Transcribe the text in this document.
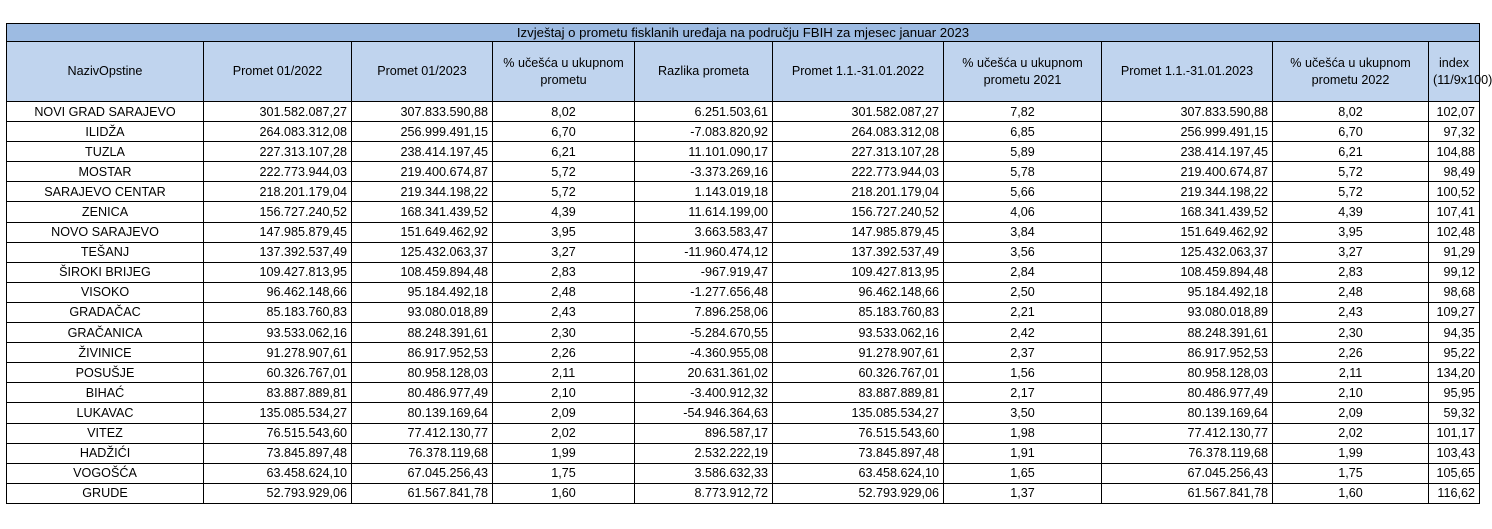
Izvještaj o prometu fisklanih uređaja na području FBIH za mjesec januar 2023									
NazivOpstine	Promet 01/2022	Promet 01/2023	% učešća u ukupnom prometu	Razlika prometa	Promet 1.1.-31.01.2022	% učešća u ukupnom prometu 2021	Promet 1.1.-31.01.2023	% učešća u ukupnom prometu 2022	index (11/9x100)
NOVI GRAD SARAJEVO	301.582.087,27	307.833.590,88	8,02	6.251.503,61	301.582.087,27	7,82	307.833.590,88	8,02	102,07
ILIDŽA	264.083.312,08	256.999.491,15	6,70	-7.083.820,92	264.083.312,08	6,85	256.999.491,15	6,70	97,32
TUZLA	227.313.107,28	238.414.197,45	6,21	11.101.090,17	227.313.107,28	5,89	238.414.197,45	6,21	104,88
MOSTAR	222.773.944,03	219.400.674,87	5,72	-3.373.269,16	222.773.944,03	5,78	219.400.674,87	5,72	98,49
SARAJEVO CENTAR	218.201.179,04	219.344.198,22	5,72	1.143.019,18	218.201.179,04	5,66	219.344.198,22	5,72	100,52
ZENICA	156.727.240,52	168.341.439,52	4,39	11.614.199,00	156.727.240,52	4,06	168.341.439,52	4,39	107,41
NOVO SARAJEVO	147.985.879,45	151.649.462,92	3,95	3.663.583,47	147.985.879,45	3,84	151.649.462,92	3,95	102,48
TEŠANJ	137.392.537,49	125.432.063,37	3,27	-11.960.474,12	137.392.537,49	3,56	125.432.063,37	3,27	91,29
ŠIROKI BRIJEG	109.427.813,95	108.459.894,48	2,83	-967.919,47	109.427.813,95	2,84	108.459.894,48	2,83	99,12
VISOKO	96.462.148,66	95.184.492,18	2,48	-1.277.656,48	96.462.148,66	2,50	95.184.492,18	2,48	98,68
GRADAČAC	85.183.760,83	93.080.018,89	2,43	7.896.258,06	85.183.760,83	2,21	93.080.018,89	2,43	109,27
GRAČANICA	93.533.062,16	88.248.391,61	2,30	-5.284.670,55	93.533.062,16	2,42	88.248.391,61	2,30	94,35
ŽIVINICE	91.278.907,61	86.917.952,53	2,26	-4.360.955,08	91.278.907,61	2,37	86.917.952,53	2,26	95,22
POSUŠJE	60.326.767,01	80.958.128,03	2,11	20.631.361,02	60.326.767,01	1,56	80.958.128,03	2,11	134,20
BIHAĆ	83.887.889,81	80.486.977,49	2,10	-3.400.912,32	83.887.889,81	2,17	80.486.977,49	2,10	95,95
LUKAVAC	135.085.534,27	80.139.169,64	2,09	-54.946.364,63	135.085.534,27	3,50	80.139.169,64	2,09	59,32
VITEZ	76.515.543,60	77.412.130,77	2,02	896.587,17	76.515.543,60	1,98	77.412.130,77	2,02	101,17
HADŽIĆI	73.845.897,48	76.378.119,68	1,99	2.532.222,19	73.845.897,48	1,91	76.378.119,68	1,99	103,43
VOGOŠĆA	63.458.624,10	67.045.256,43	1,75	3.586.632,33	63.458.624,10	1,65	67.045.256,43	1,75	105,65
GRUDE	52.793.929,06	61.567.841,78	1,60	8.773.912,72	52.793.929,06	1,37	61.567.841,78	1,60	116,62
